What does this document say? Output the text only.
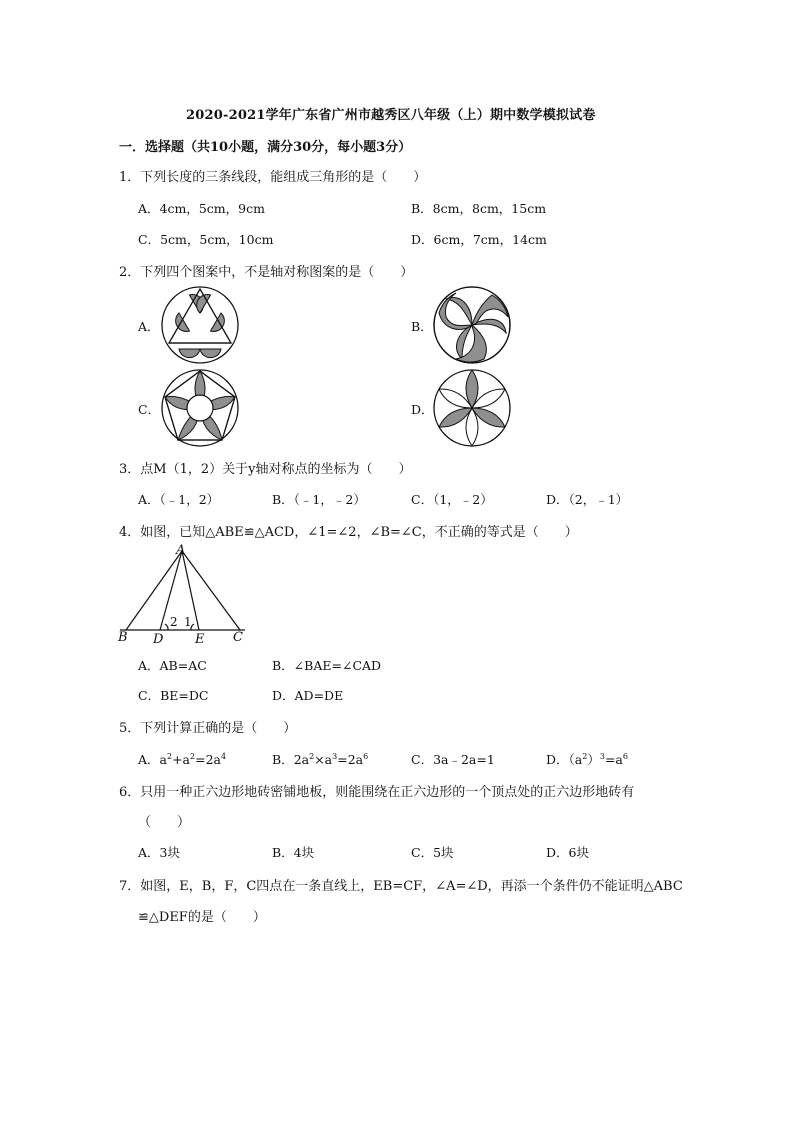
2020-2021学年广东省广州市越秀区八年级（上）期中数学模拟试卷
一．选择题（共10小题，满分30分，每小题3分）
1．下列长度的三条线段，能组成三角形的是（　　）
A．4cm，5cm，9cm	B．8cm，8cm，15cm
C．5cm，5cm，10cm	D．6cm，7cm，14cm
2．下列四个图案中，不是轴对称图案的是（　　）
A．	B．
C．	D．
3．点M（1，2）关于y轴对称点的坐标为（　　）
A．（﹣1，2）	B．（﹣1，﹣2）	C．（1，﹣2）	D．（2，﹣1）
4．如图，已知△ABE≌△ACD，∠1=∠2，∠B=∠C，不正确的等式是（　　）
A
B D E C
2 1
A．AB=AC	B．∠BAE=∠CAD
C．BE=DC	D．AD=DE
5．下列计算正确的是（　　）
A．$a^2+a^2=2a^4$	B．$2a^2\times a^3=2a^6$	C．3a﹣2a=1	D．$(a^2)^3=a^6$
6．只用一种正六边形地砖密铺地板，则能围绕在正六边形的一个顶点处的正六边形地砖有
（　　）
A．3块	B．4块	C．5块	D．6块
7．如图，E，B，F，C四点在一条直线上，EB=CF，∠A=∠D，再添一个条件仍不能证明△ABC
≌△DEF的是（　　）
